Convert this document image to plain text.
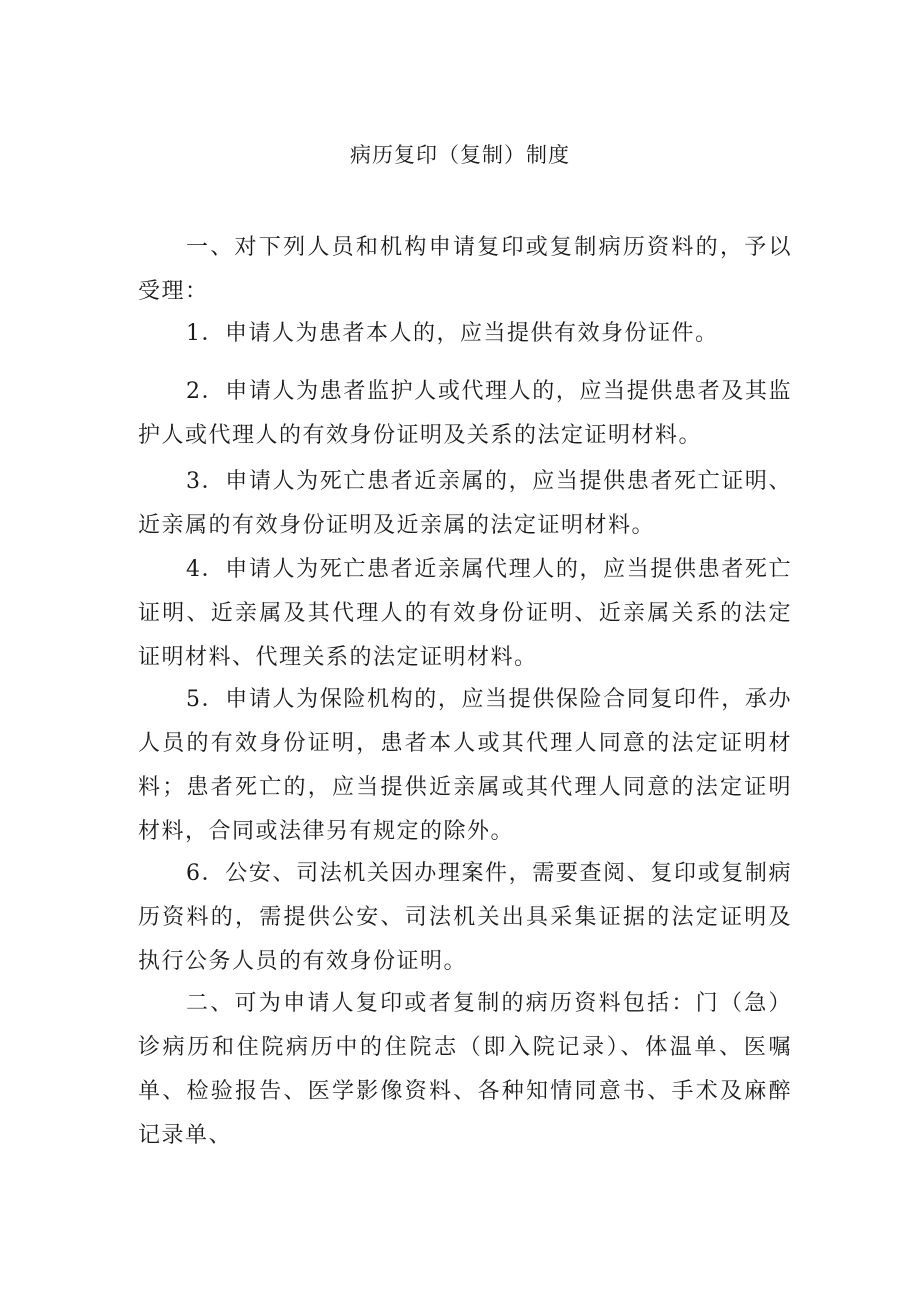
病历复印（复制）制度

一、对下列人员和机构申请复印或复制病历资料的，予以受理：

1．申请人为患者本人的，应当提供有效身份证件。

2．申请人为患者监护人或代理人的，应当提供患者及其监护人或代理人的有效身份证明及关系的法定证明材料。

3．申请人为死亡患者近亲属的，应当提供患者死亡证明、近亲属的有效身份证明及近亲属的法定证明材料。

4．申请人为死亡患者近亲属代理人的，应当提供患者死亡证明、近亲属及其代理人的有效身份证明、近亲属关系的法定证明材料、代理关系的法定证明材料。

5．申请人为保险机构的，应当提供保险合同复印件，承办人员的有效身份证明，患者本人或其代理人同意的法定证明材料；患者死亡的，应当提供近亲属或其代理人同意的法定证明材料，合同或法律另有规定的除外。

6．公安、司法机关因办理案件，需要查阅、复印或复制病历资料的，需提供公安、司法机关出具采集证据的法定证明及执行公务人员的有效身份证明。

二、可为申请人复印或者复制的病历资料包括：门（急）诊病历和住院病历中的住院志（即入院记录）、体温单、医嘱单、检验报告、医学影像资料、各种知情同意书、手术及麻醉记录单、
